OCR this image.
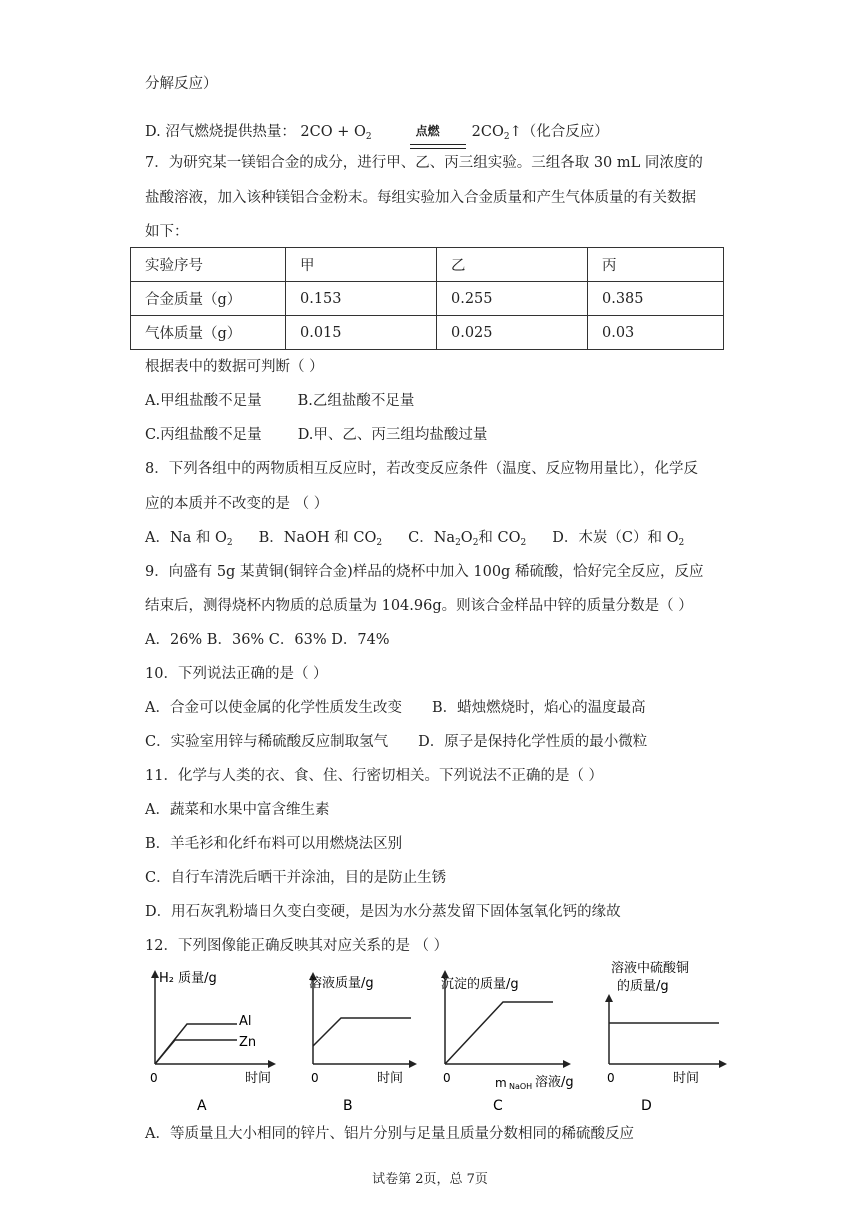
分解反应）
D. 沼气燃烧提供热量： $2CO + O_2$	点燃 $2CO_2↑$（化合反应）
7．为研究某一镁铝合金的成分，进行甲、乙、丙三组实验。三组各取 30 mL 同浓度的
盐酸溶液，加入该种镁铝合金粉末。每组实验加入合金质量和产生气体质量的有关数据
如下：
实验序号	甲	乙	丙
合金质量（g）	0.153	0.255	0.385
气体质量（g）	0.015	0.025	0.03
根据表中的数据可判断（ ）
A.甲组盐酸不足量 B.乙组盐酸不足量
C.丙组盐酸不足量 D.甲、乙、丙三组均盐酸过量
8．下列各组中的两物质相互反应时，若改变反应条件（温度、反应物用量比），化学反
应的本质并不改变的是 （ ）
A．Na 和 $O_2$ B．NaOH 和 $CO_2$ C．$Na_2O_2$和 $CO_2$ D．木炭（C）和 $O_2$
9．向盛有 5g 某黄铜(铜锌合金)样品的烧杯中加入 100g 稀硫酸，恰好完全反应，反应
结束后，测得烧杯内物质的总质量为 104.96g。则该合金样品中锌的质量分数是（ ）
A．26% B．36% C．63% D．74%
10．下列说法正确的是（ ）
A．合金可以使金属的化学性质发生改变 B．蜡烛燃烧时，焰心的温度最高
C．实验室用锌与稀硫酸反应制取氢气 D．原子是保持化学性质的最小微粒
11．化学与人类的衣、食、住、行密切相关。下列说法不正确的是（ ）
A．蔬菜和水果中富含维生素
B．羊毛衫和化纤布料可以用燃烧法区别
C．自行车清洗后晒干并涂油，目的是防止生锈
D．用石灰乳粉墙日久变白变硬，是因为水分蒸发留下固体氢氧化钙的缘故
12．下列图像能正确反映其对应关系的是 （ ）
H₂ 质量/g
Al
Zn
0	时间
A
溶液质量/g
0	时间
B
沉淀的质量/g
0	m NaOH 溶液/g
C
溶液中硫酸铜
的质量/g
0	时间
D
A．等质量且大小相同的锌片、铝片分别与足量且质量分数相同的稀硫酸反应
试卷第 2页，总 7页
